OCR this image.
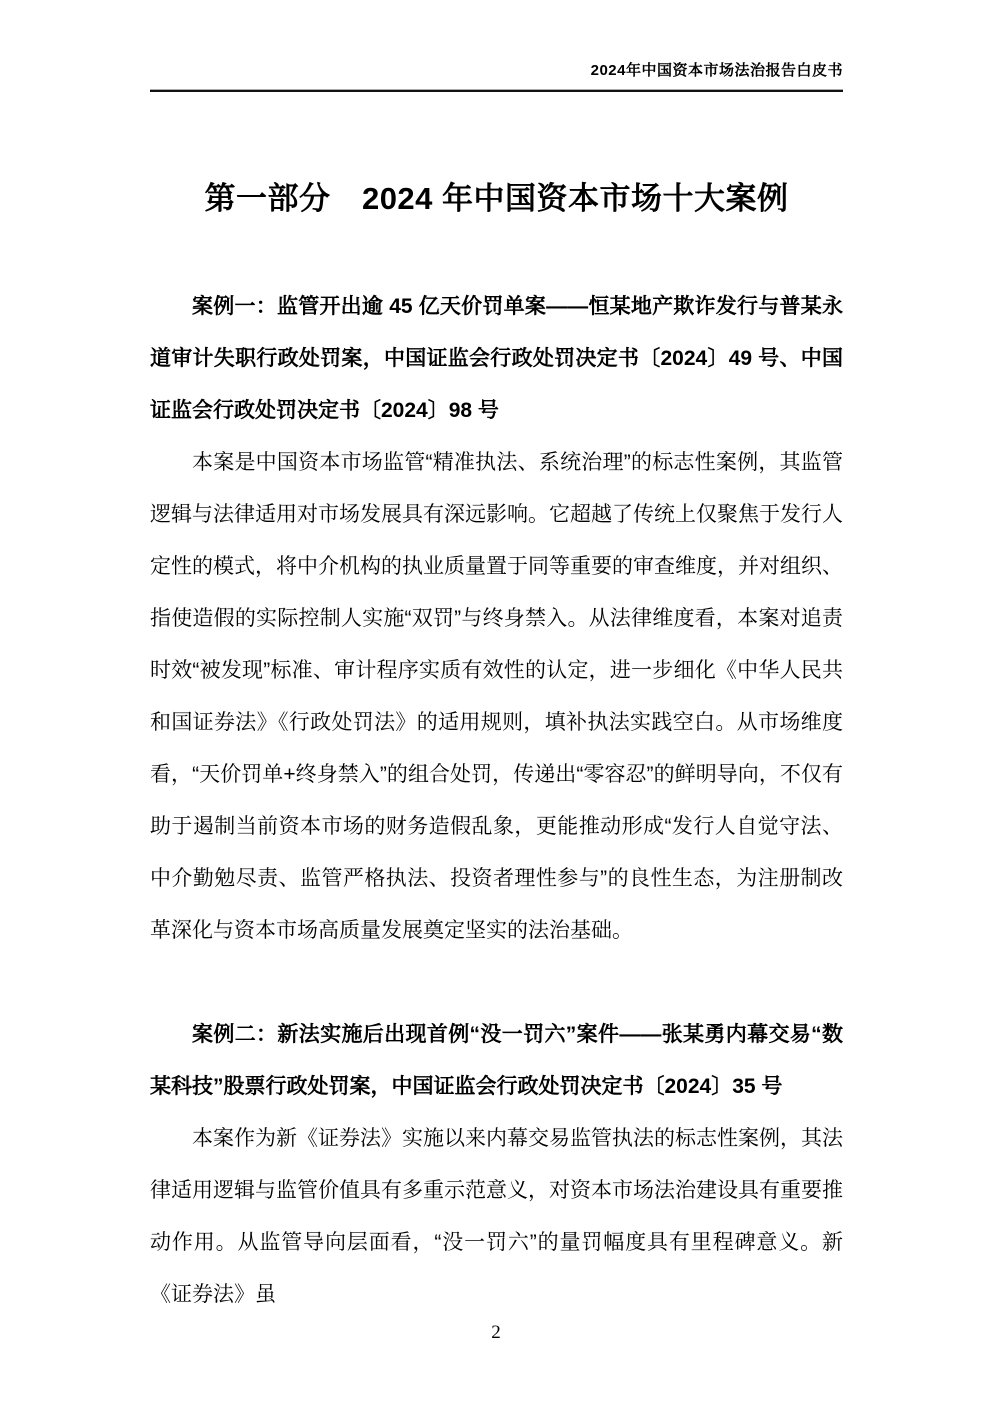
2024年中国资本市场法治报告白皮书
第一部分　2024 年中国资本市场十大案例

案例一：监管开出逾 45 亿天价罚单案——恒某地产欺诈发行与普某永道审计失职行政处罚案，中国证监会行政处罚决定书〔2024〕49 号、中国证监会行政处罚决定书〔2024〕98 号

本案是中国资本市场监管“精准执法、系统治理”的标志性案例，其监管逻辑与法律适用对市场发展具有深远影响。它超越了传统上仅聚焦于发行人定性的模式，将中介机构的执业质量置于同等重要的审查维度，并对组织、指使造假的实际控制人实施“双罚”与终身禁入。从法律维度看，本案对追责时效“被发现”标准、审计程序实质有效性的认定，进一步细化《中华人民共和国证券法》《行政处罚法》的适用规则，填补执法实践空白。从市场维度看，“天价罚单+终身禁入”的组合处罚，传递出“零容忍”的鲜明导向，不仅有助于遏制当前资本市场的财务造假乱象，更能推动形成“发行人自觉守法、中介勤勉尽责、监管严格执法、投资者理性参与”的良性生态，为注册制改革深化与资本市场高质量发展奠定坚实的法治基础。

案例二：新法实施后出现首例“没一罚六”案件——张某勇内幕交易“数某科技”股票行政处罚案，中国证监会行政处罚决定书〔2024〕35 号

本案作为新《证券法》实施以来内幕交易监管执法的标志性案例，其法律适用逻辑与监管价值具有多重示范意义，对资本市场法治建设具有重要推动作用。从监管导向层面看，“没一罚六”的量罚幅度具有里程碑意义。新《证券法》虽

2
